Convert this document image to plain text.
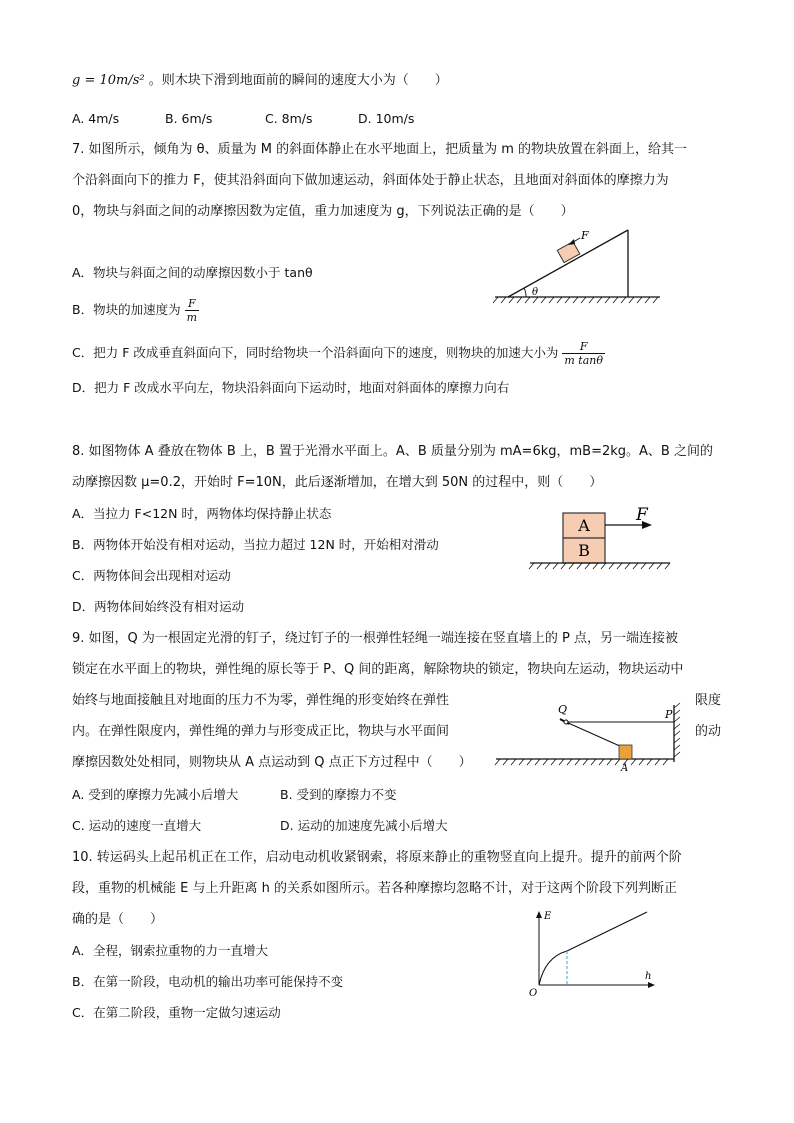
g = 10m/s² 。则木块下滑到地面前的瞬间的速度大小为（　　）
A. 4m/s	B. 6m/s	C. 8m/s	D. 10m/s
7. 如图所示，倾角为 θ、质量为 M 的斜面体静止在水平地面上，把质量为 m 的物块放置在斜面上，给其一
个沿斜面向下的推力 F，使其沿斜面向下做加速运动，斜面体处于静止状态，且地面对斜面体的摩擦力为
0，物块与斜面之间的动摩擦因数为定值，重力加速度为 g，下列说法正确的是（　　）
A．物块与斜面之间的动摩擦因数小于 tanθ
B．物块的加速度为 $\frac{F}{m}$
C．把力 F 改成垂直斜面向下，同时给物块一个沿斜面向下的速度，则物块的加速大小为 $\frac{F}{\text{m tanθ}}$
D．把力 F 改成水平向左，物块沿斜面向下运动时，地面对斜面体的摩擦力向右
θ
F
8. 如图物体 A 叠放在物体 B 上，B 置于光滑水平面上。A、B 质量分别为 mA=6kg，mB=2kg。A、B 之间的
动摩擦因数 μ=0.2，开始时 F=10N，此后逐渐增加，在增大到 50N 的过程中，则（　　）
A．当拉力 F<12N 时，两物体均保持静止状态
B．两物体开始没有相对运动，当拉力超过 12N 时，开始相对滑动
C．两物体间会出现相对运动
D．两物体间始终没有相对运动
A
B
F
9. 如图，Q 为一根固定光滑的钉子，绕过钉子的一根弹性轻绳一端连接在竖直墙上的 P 点，另一端连接被
锁定在水平面上的物块，弹性绳的原长等于 P、Q 间的距离，解除物块的锁定，物块向左运动，物块运动中
始终与地面接触且对地面的压力不为零，弹性绳的形变始终在弹性	限度
内。在弹性限度内，弹性绳的弹力与形变成正比，物块与水平面间	的动
摩擦因数处处相同，则物块从 A 点运动到 Q 点正下方过程中（　　）
A. 受到的摩擦力先减小后增大	B. 受到的摩擦力不变
C. 运动的速度一直增大	D. 运动的加速度先减小后增大
Q	P
A
10. 转运码头上起吊机正在工作，启动电动机收紧钢索，将原来静止的重物竖直向上提升。提升的前两个阶
段，重物的机械能 E 与上升距离 h 的关系如图所示。若各种摩擦均忽略不计，对于这两个阶段下列判断正
确的是（　　）
A．全程，钢索拉重物的力一直增大
B．在第一阶段，电动机的输出功率可能保持不变
C．在第二阶段，重物一定做匀速运动
E
h
O
